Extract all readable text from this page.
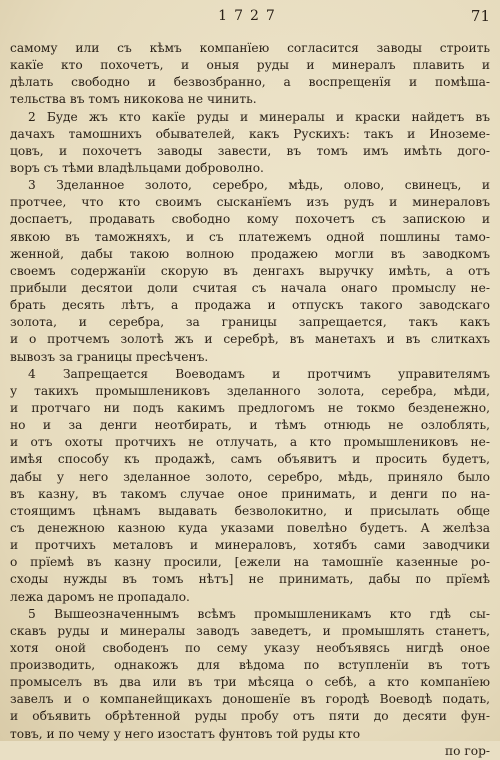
1727	71
самому или съ кѣмъ компанїею согласится заводы строить
какїе кто похочетъ, и оныя руды и минералъ плавить и
дѣлать свободно и безвозбранно, а воспрещенїя и помѣша-
тельства въ томъ никокова не чинить.
2 Буде жъ кто какїе руды и минералы и краски найдетъ въ
дачахъ тамошнихъ обывателей, какъ Рускихъ: такъ и Иноземе-
цовъ, и похочетъ заводы завести, въ томъ имъ имѣть дого-
воръ съ тѣми владѣльцами доброволно.
3 Зделанное золото, серебро, мѣдь, олово, свинецъ, и
протчее, что кто своимъ сысканїемъ изъ рудъ и минераловъ
доспаетъ, продавать свободно кому похочетъ съ запискою и
явкою въ таможняхъ, и съ платежемъ одной пошлины тамо-
женной, дабы такою волною продажею могли въ заводкомъ
своемъ содержанїи скорую въ денгахъ выручку имѣть, а отъ
прибыли десятои доли считая съ начала онаго промыслу не-
брать десять лѣтъ, а продажа и отпускъ такого заводскаго
золота, и серебра, за границы запрещается, такъ какъ
и о протчемъ золотѣ жъ и серебрѣ, въ манетахъ и въ слиткахъ
вывозъ за границы пресѣченъ.
4 Запрещается Воеводамъ и протчимъ управителямъ
у такихъ промышлениковъ зделанного золота, серебра, мѣди,
и протчаго ни подъ какимъ предлогомъ не токмо безденежно,
но и за денги неотбирать, и тѣмъ отнюдь не озлоблять,
и отъ охоты протчихъ не отлучать, а кто промышлениковъ не-
имѣя способу къ продажѣ, самъ объявитъ и просить будетъ,
дабы у него зделанное золото, серебро, мѣдь, приняло было
въ казну, въ такомъ случае оное принимать, и денги по на-
стоящимъ цѣнамъ выдавать безволокитно, и присылать обще
съ денежною казною куда указами повелѣно будетъ. А желѣза
и протчихъ металовъ и минераловъ, хотябъ сами заводчики
о прїемѣ въ казну просили, [ежели на тамошнїе казенные ро-
сходы нужды въ томъ нѣтъ] не принимать, дабы по прїемѣ
лежа даромъ не пропадало.
5 Вышеозначеннымъ всѣмъ промышленикамъ кто гдѣ сы-
скавъ руды и минералы заводъ заведетъ, и промышлять станетъ,
хотя оной свободенъ по сему указу необъявясь нигдѣ оное
производить, однакожъ для вѣдома по вступленїи въ тотъ
промыселъ въ два или въ три мѣсяца о себѣ, а кто компанїею
завелъ и о компанейщикахъ доношенїе въ городѣ Воеводѣ подать,
и объявить обрѣтенной руды пробу отъ пяти до десяти фун-
товъ, и по чему у него изостатъ фунтовъ той руды кто
по гор-
